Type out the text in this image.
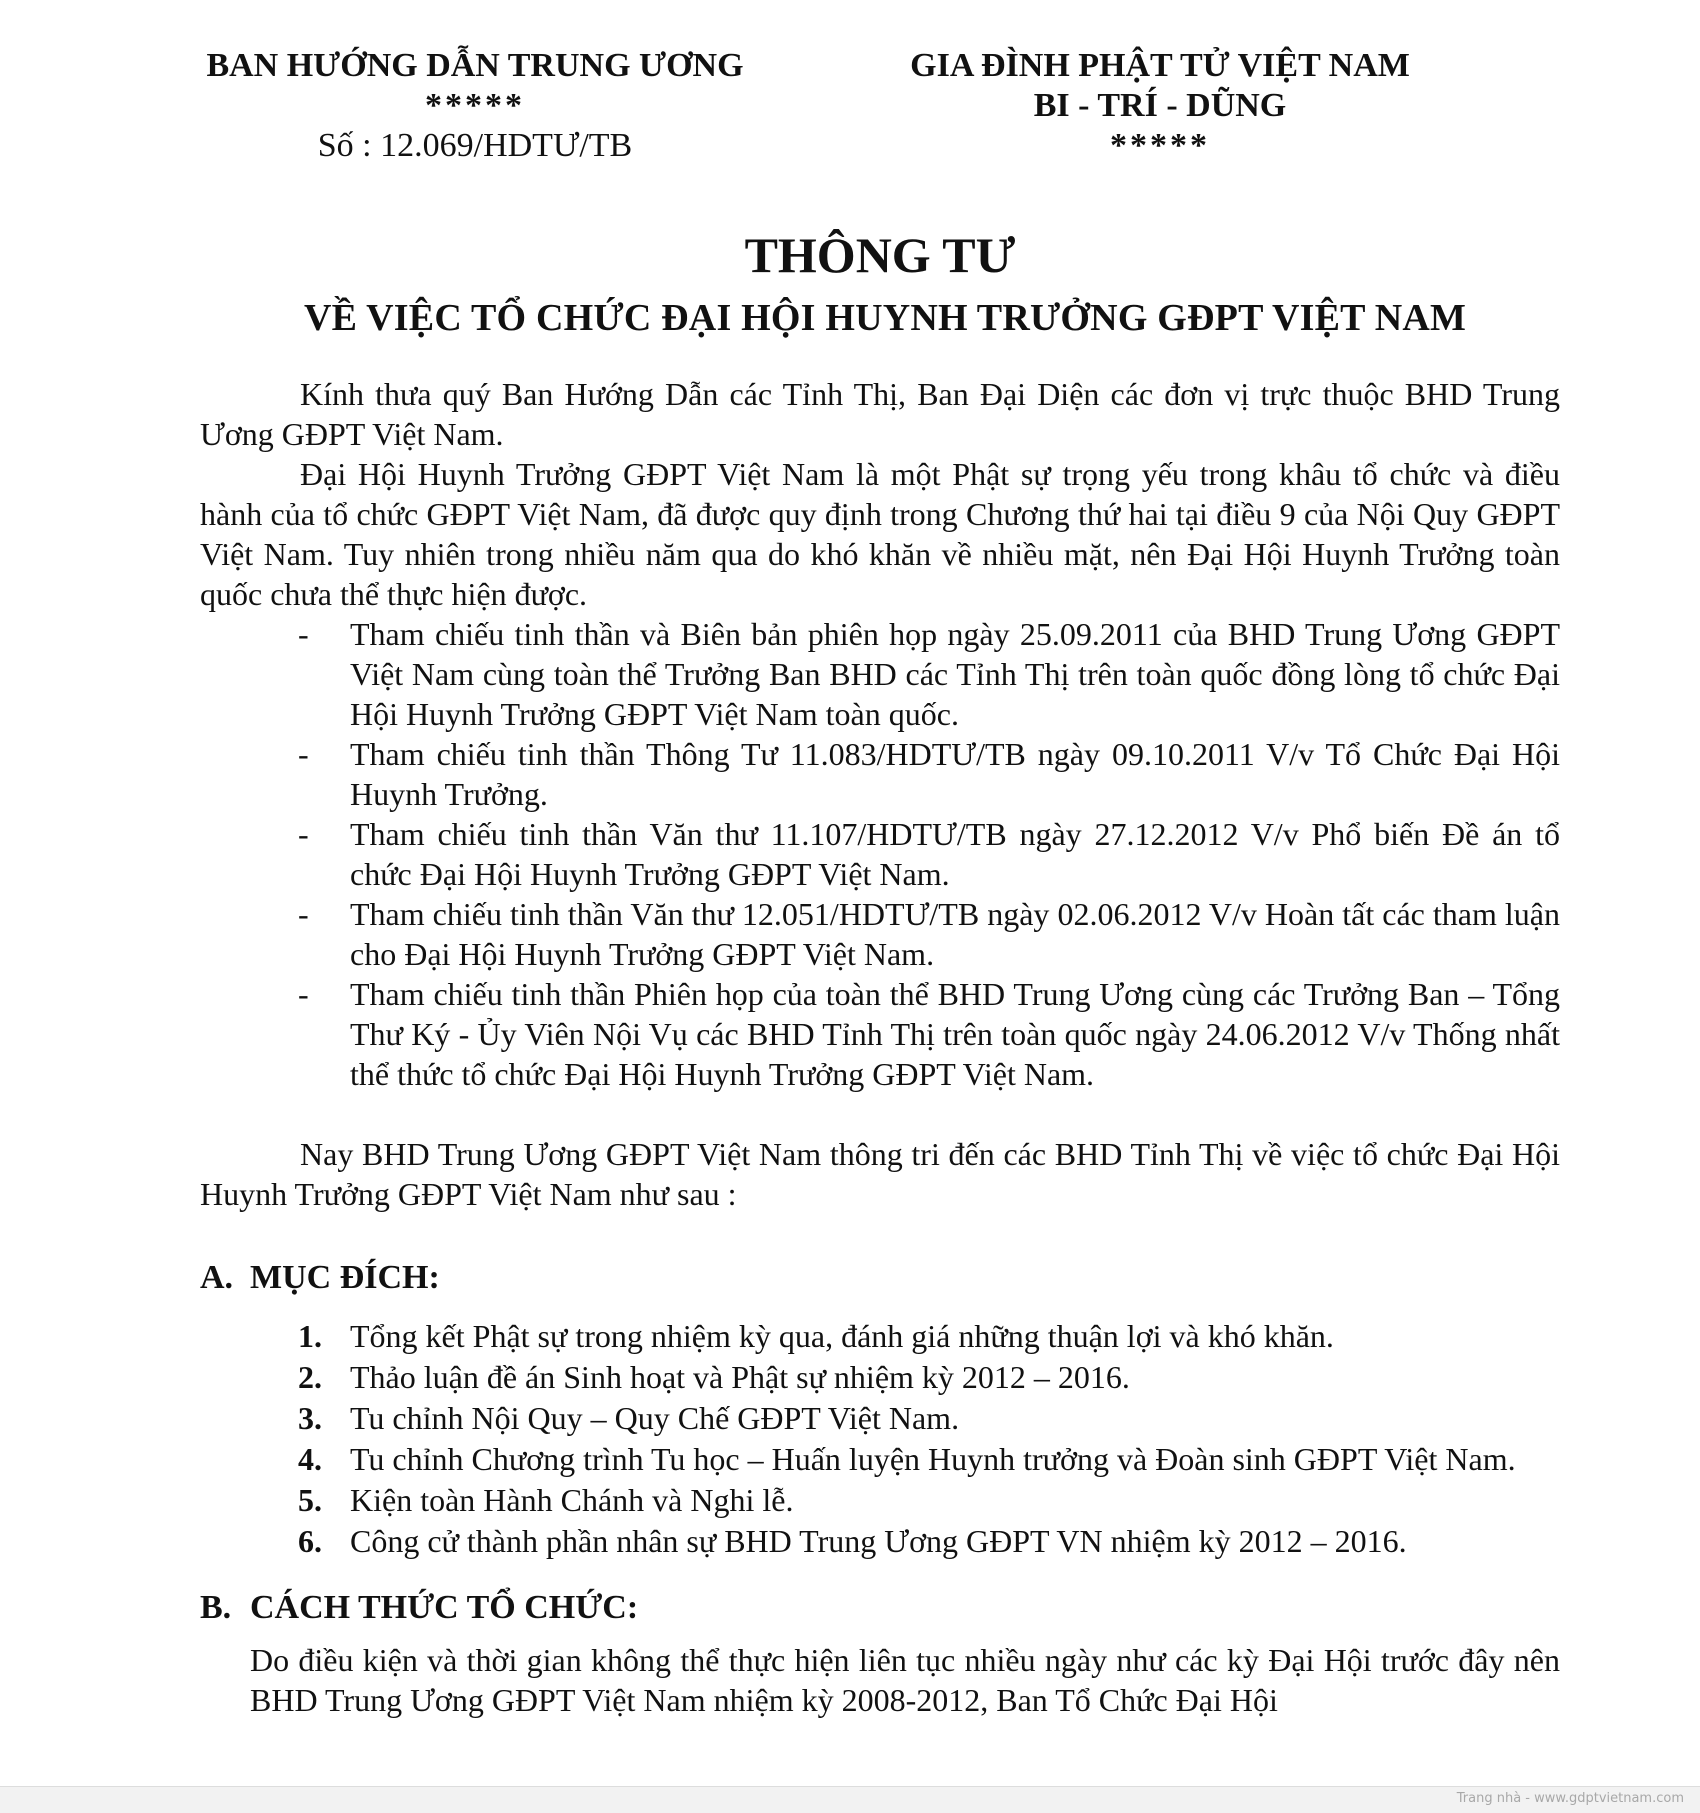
BAN HƯỚNG DẪN TRUNG ƯƠNG
*****
Số : 12.069/HDTƯ/TB
GIA ĐÌNH PHẬT TỬ VIỆT NAM
BI - TRÍ - DŨNG
*****
THÔNG TƯ
VỀ VIỆC TỔ CHỨC ĐẠI HỘI HUYNH TRƯỞNG GĐPT VIỆT NAM

Kính thưa quý Ban Hướng Dẫn các Tỉnh Thị, Ban Đại Diện các đơn vị trực thuộc BHD Trung Ương GĐPT Việt Nam.

Đại Hội Huynh Trưởng GĐPT Việt Nam là một Phật sự trọng yếu trong khâu tổ chức và điều hành của tổ chức GĐPT Việt Nam, đã được quy định trong Chương thứ hai tại điều 9 của Nội Quy GĐPT Việt Nam. Tuy nhiên trong nhiều năm qua do khó khăn về nhiều mặt, nên Đại Hội Huynh Trưởng toàn quốc chưa thể thực hiện được.

- Tham chiếu tinh thần và Biên bản phiên họp ngày 25.09.2011 của BHD Trung Ương GĐPT Việt Nam cùng toàn thể Trưởng Ban BHD các Tỉnh Thị trên toàn quốc đồng lòng tổ chức Đại Hội Huynh Trưởng GĐPT Việt Nam toàn quốc.
- Tham chiếu tinh thần Thông Tư 11.083/HDTƯ/TB ngày 09.10.2011 V/v Tổ Chức Đại Hội Huynh Trưởng.
- Tham chiếu tinh thần Văn thư 11.107/HDTƯ/TB ngày 27.12.2012 V/v Phổ biến Đề án tổ chức Đại Hội Huynh Trưởng GĐPT Việt Nam.
- Tham chiếu tinh thần Văn thư 12.051/HDTƯ/TB ngày 02.06.2012 V/v Hoàn tất các tham luận cho Đại Hội Huynh Trưởng GĐPT Việt Nam.
- Tham chiếu tinh thần Phiên họp của toàn thể BHD Trung Ương cùng các Trưởng Ban – Tổng Thư Ký - Ủy Viên Nội Vụ các BHD Tỉnh Thị trên toàn quốc ngày 24.06.2012 V/v Thống nhất thể thức tổ chức Đại Hội Huynh Trưởng GĐPT Việt Nam.

Nay BHD Trung Ương GĐPT Việt Nam thông tri đến các BHD Tỉnh Thị về việc tổ chức Đại Hội Huynh Trưởng GĐPT Việt Nam như sau :

A. MỤC ĐÍCH:
1. Tổng kết Phật sự trong nhiệm kỳ qua, đánh giá những thuận lợi và khó khăn.
2. Thảo luận đề án Sinh hoạt và Phật sự nhiệm kỳ 2012 – 2016.
3. Tu chỉnh Nội Quy – Quy Chế GĐPT Việt Nam.
4. Tu chỉnh Chương trình Tu học – Huấn luyện Huynh trưởng và Đoàn sinh GĐPT Việt Nam.
5. Kiện toàn Hành Chánh và Nghi lễ.
6. Công cử thành phần nhân sự BHD Trung Ương GĐPT VN nhiệm kỳ 2012 – 2016.
B. CÁCH THỨC TỔ CHỨC:

Do điều kiện và thời gian không thể thực hiện liên tục nhiều ngày như các kỳ Đại Hội trước đây nên BHD Trung Ương GĐPT Việt Nam nhiệm kỳ 2008-2012, Ban Tổ Chức Đại Hội

Trang nhà - www.gdptvietnam.com
